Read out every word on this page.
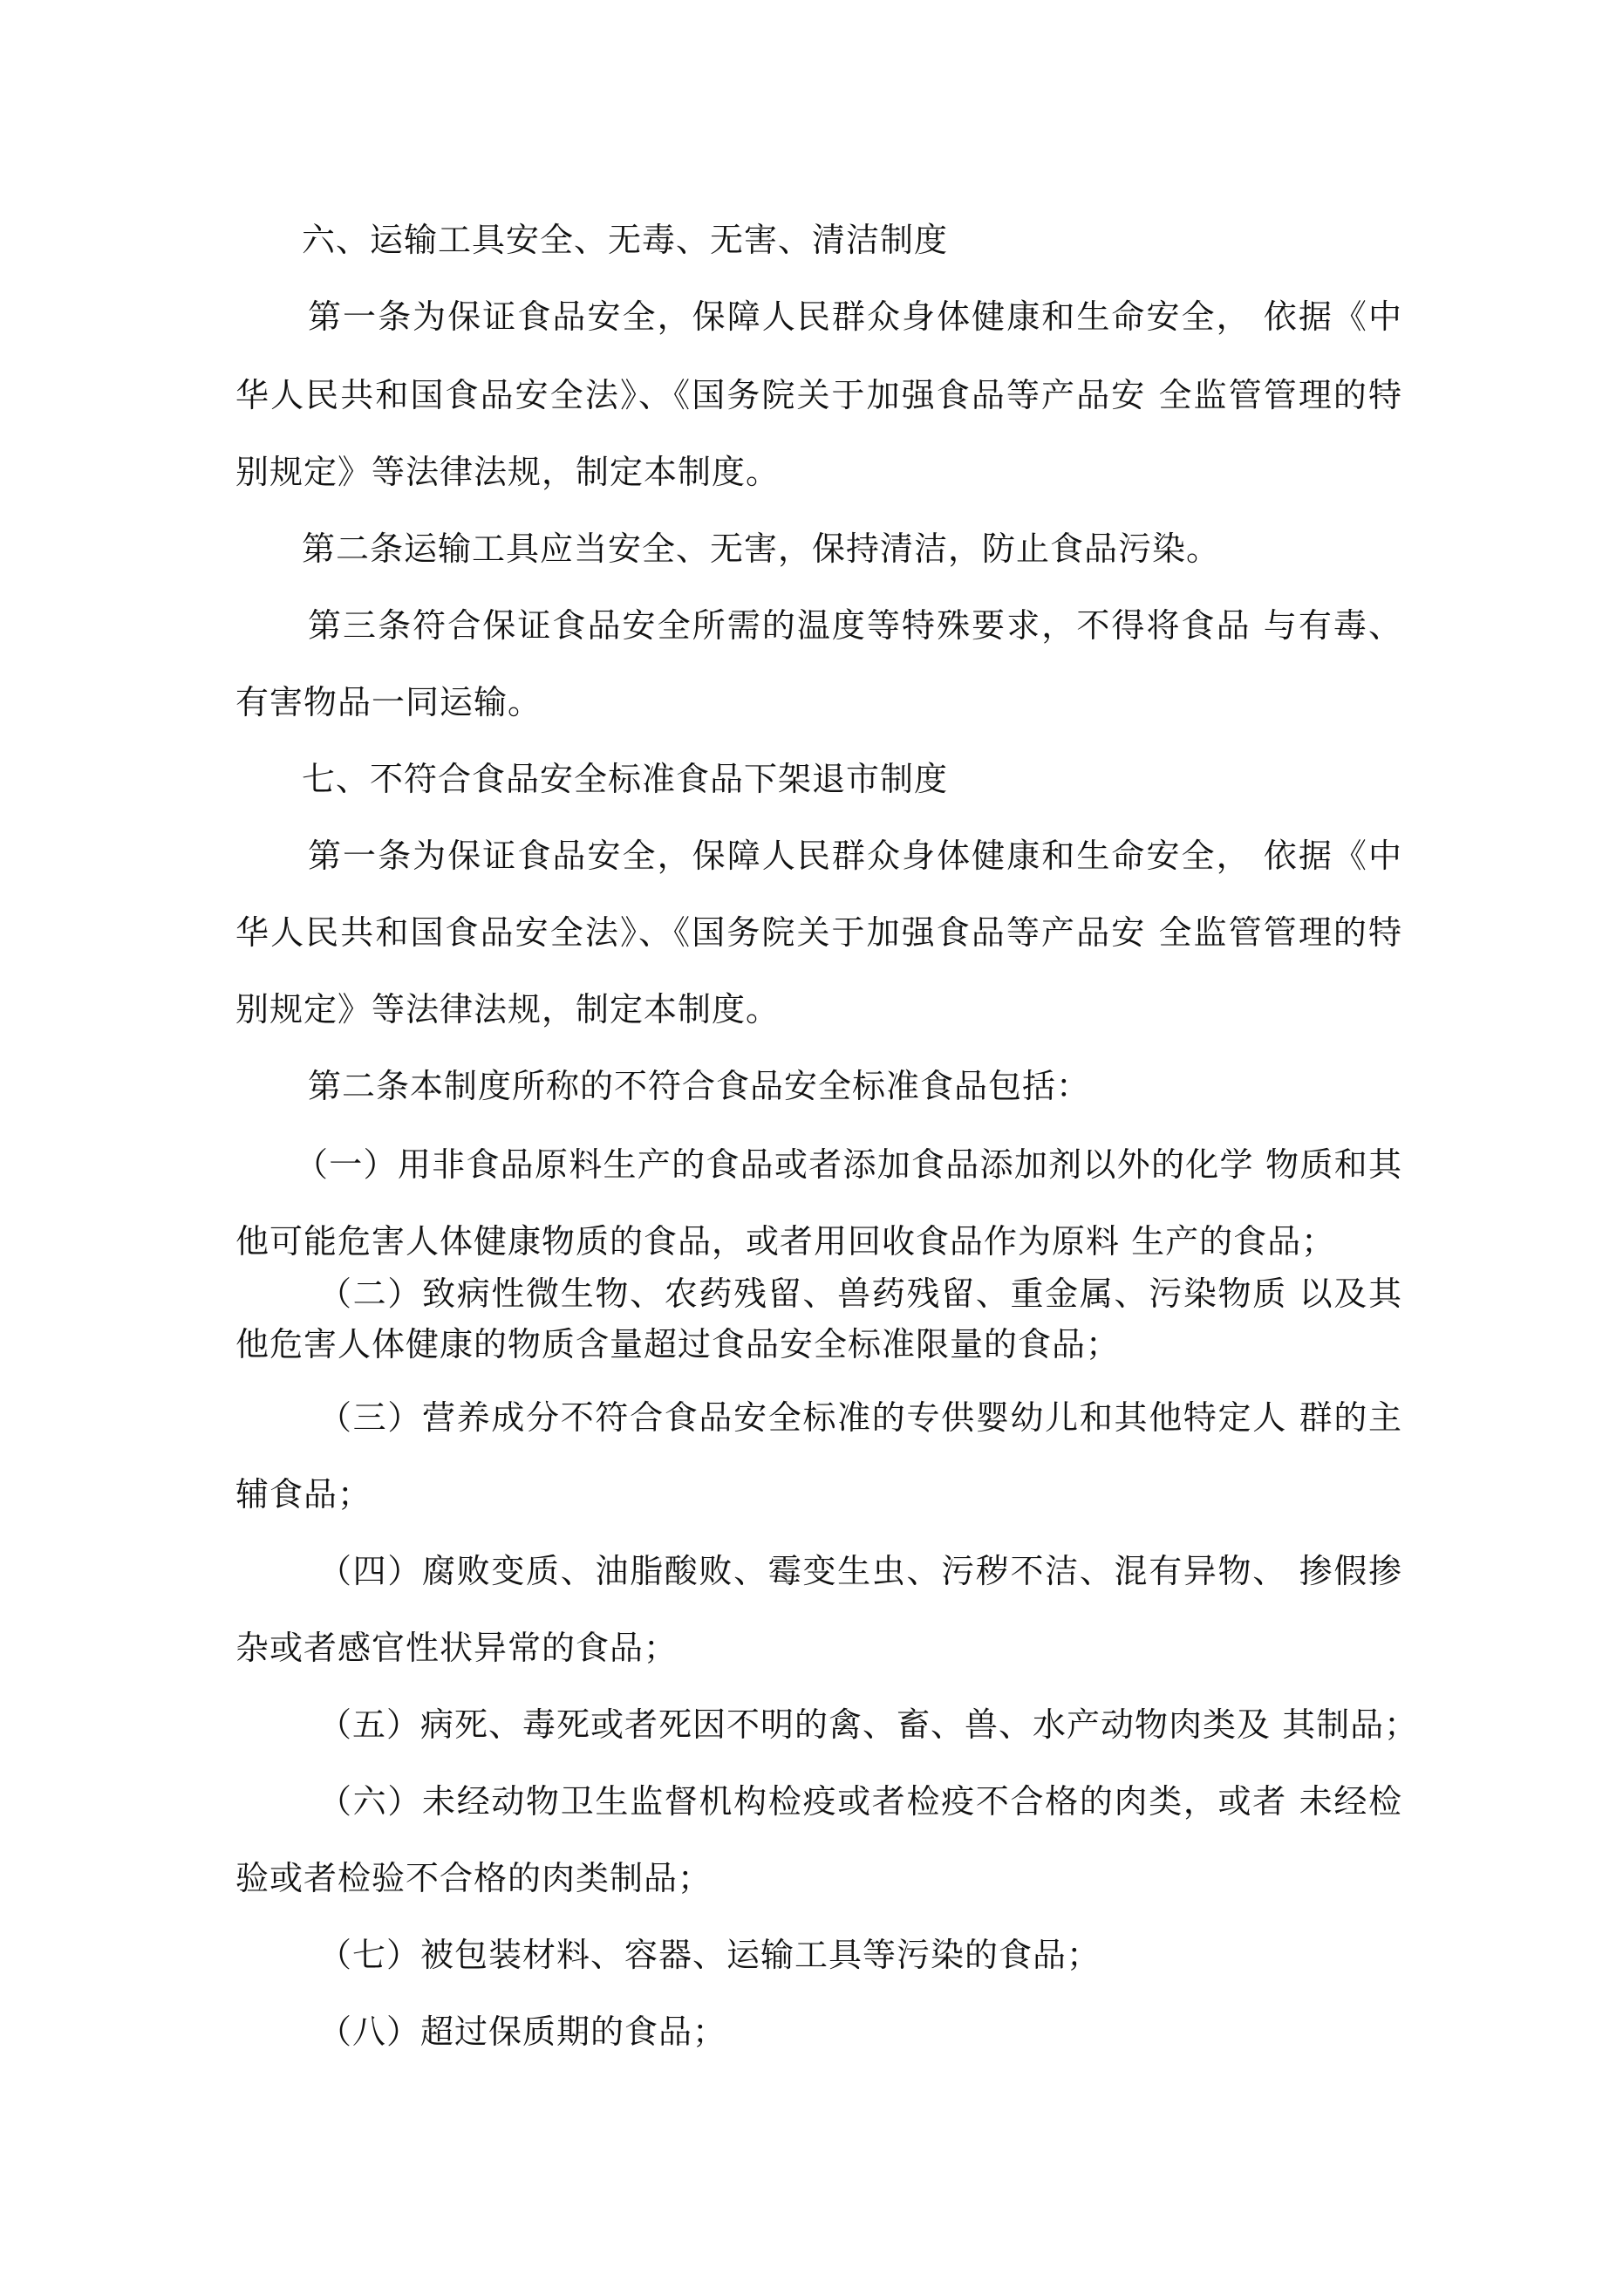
六、运输工具安全、无毒、无害、清洁制度
第一条为保证食品安全，保障人民群众身体健康和生命安全， 依据《中
华人民共和国食品安全法》、《国务院关于加强食品等产品安 全监管管理的特
别规定》等法律法规，制定本制度。
第二条运输工具应当安全、无害，保持清洁，防止食品污染。
第三条符合保证食品安全所需的温度等特殊要求，不得将食品 与有毒、
有害物品一同运输。
七、不符合食品安全标准食品下架退市制度
第一条为保证食品安全，保障人民群众身体健康和生命安全， 依据《中
华人民共和国食品安全法》、《国务院关于加强食品等产品安 全监管管理的特
别规定》等法律法规，制定本制度。
第二条本制度所称的不符合食品安全标准食品包括：
（一）用非食品原料生产的食品或者添加食品添加剂以外的化学 物质和其
他可能危害人体健康物质的食品，或者用回收食品作为原料 生产的食品；
（二）致病性微生物、农药残留、兽药残留、重金属、污染物质 以及其
他危害人体健康的物质含量超过食品安全标准限量的食品；
（三）营养成分不符合食品安全标准的专供婴幼儿和其他特定人 群的主
辅食品；
（四）腐败变质、油脂酸败、霉变生虫、污秽不洁、混有异物、 掺假掺
杂或者感官性状异常的食品；
（五）病死、毒死或者死因不明的禽、畜、兽、水产动物肉类及 其制品；
（六）未经动物卫生监督机构检疫或者检疫不合格的肉类，或者 未经检
验或者检验不合格的肉类制品；
（七）被包装材料、容器、运输工具等污染的食品；
（八）超过保质期的食品；
